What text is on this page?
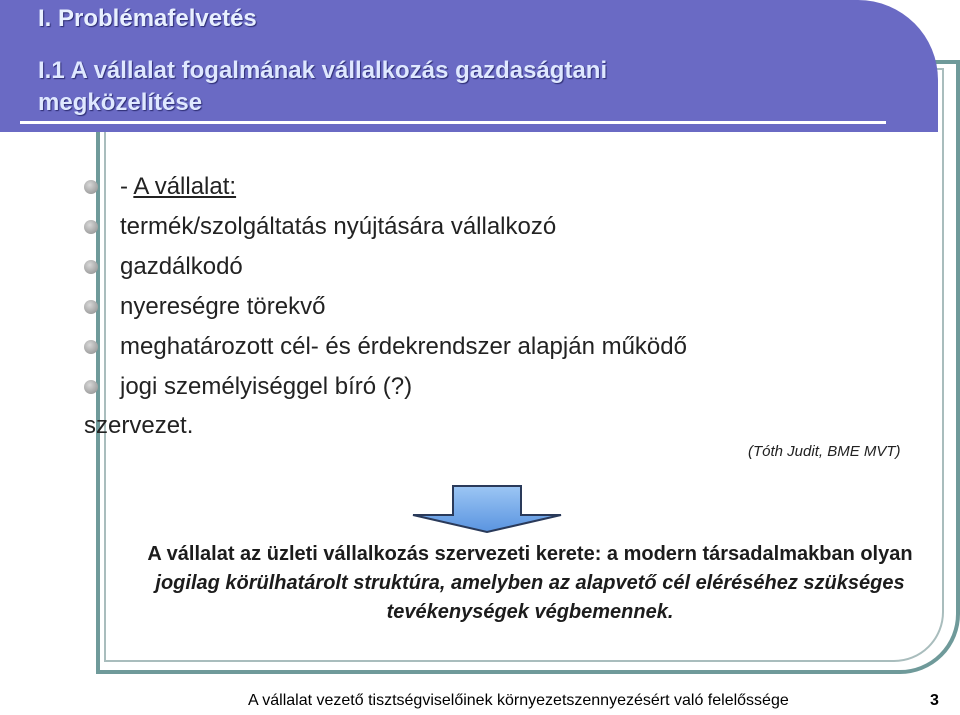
I. Problémafelvetés
I.1 A vállalat fogalmának vállalkozás gazdaságtani megközelítése
- A vállalat:
termék/szolgáltatás nyújtására vállalkozó
gazdálkodó
nyereségre törekvő
meghatározott cél- és érdekrendszer alapján működő
jogi személyiséggel bíró (?)

szervezet.

(Tóth Judit, BME MVT)

A vállalat az üzleti vállalkozás szervezeti kerete: a modern társadalmakban olyan jogilag körülhatárolt struktúra, amelyben az alapvető cél eléréséhez szükséges tevékenységek végbemennek.

A vállalat vezető tisztségviselőinek környezetszennyezésért való felelőssége	3
